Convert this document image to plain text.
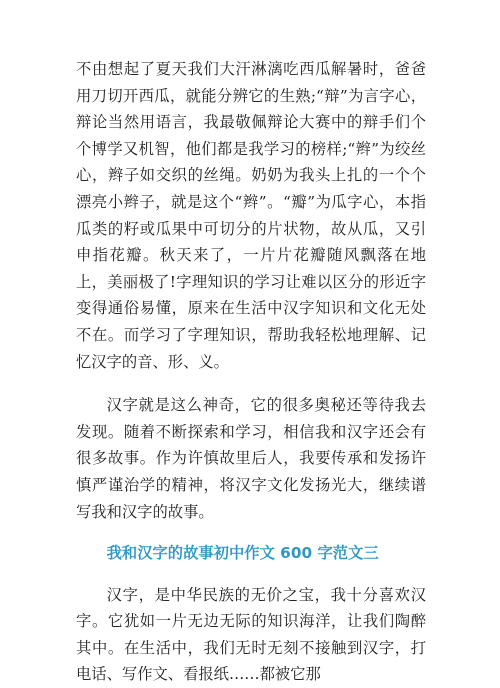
不由想起了夏天我们大汗淋漓吃西瓜解暑时，爸爸用刀切开西瓜，就能分辨它的生熟;“辩”为言字心，辩论当然用语言，我最敬佩辩论大赛中的辩手们个个博学又机智，他们都是我学习的榜样;“辫”为绞丝心，辫子如交织的丝绳。奶奶为我头上扎的一个个漂亮小辫子，就是这个“辫”。“瓣”为瓜字心，本指瓜类的籽或瓜果中可切分的片状物，故从瓜，又引申指花瓣。秋天来了，一片片花瓣随风飘落在地上，美丽极了!字理知识的学习让难以区分的形近字变得通俗易懂，原来在生活中汉字知识和文化无处不在。而学习了字理知识，帮助我轻松地理解、记忆汉字的音、形、义。

汉字就是这么神奇，它的很多奥秘还等待我去发现。随着不断探索和学习，相信我和汉字还会有很多故事。作为许慎故里后人，我要传承和发扬许慎严谨治学的精神，将汉字文化发扬光大，继续谱写我和汉字的故事。

我和汉字的故事初中作文 600 字范文三

汉字，是中华民族的无价之宝，我十分喜欢汉字。它犹如一片无边无际的知识海洋，让我们陶醉其中。在生活中，我们无时无刻不接触到汉字，打电话、写作文、看报纸……都被它那
